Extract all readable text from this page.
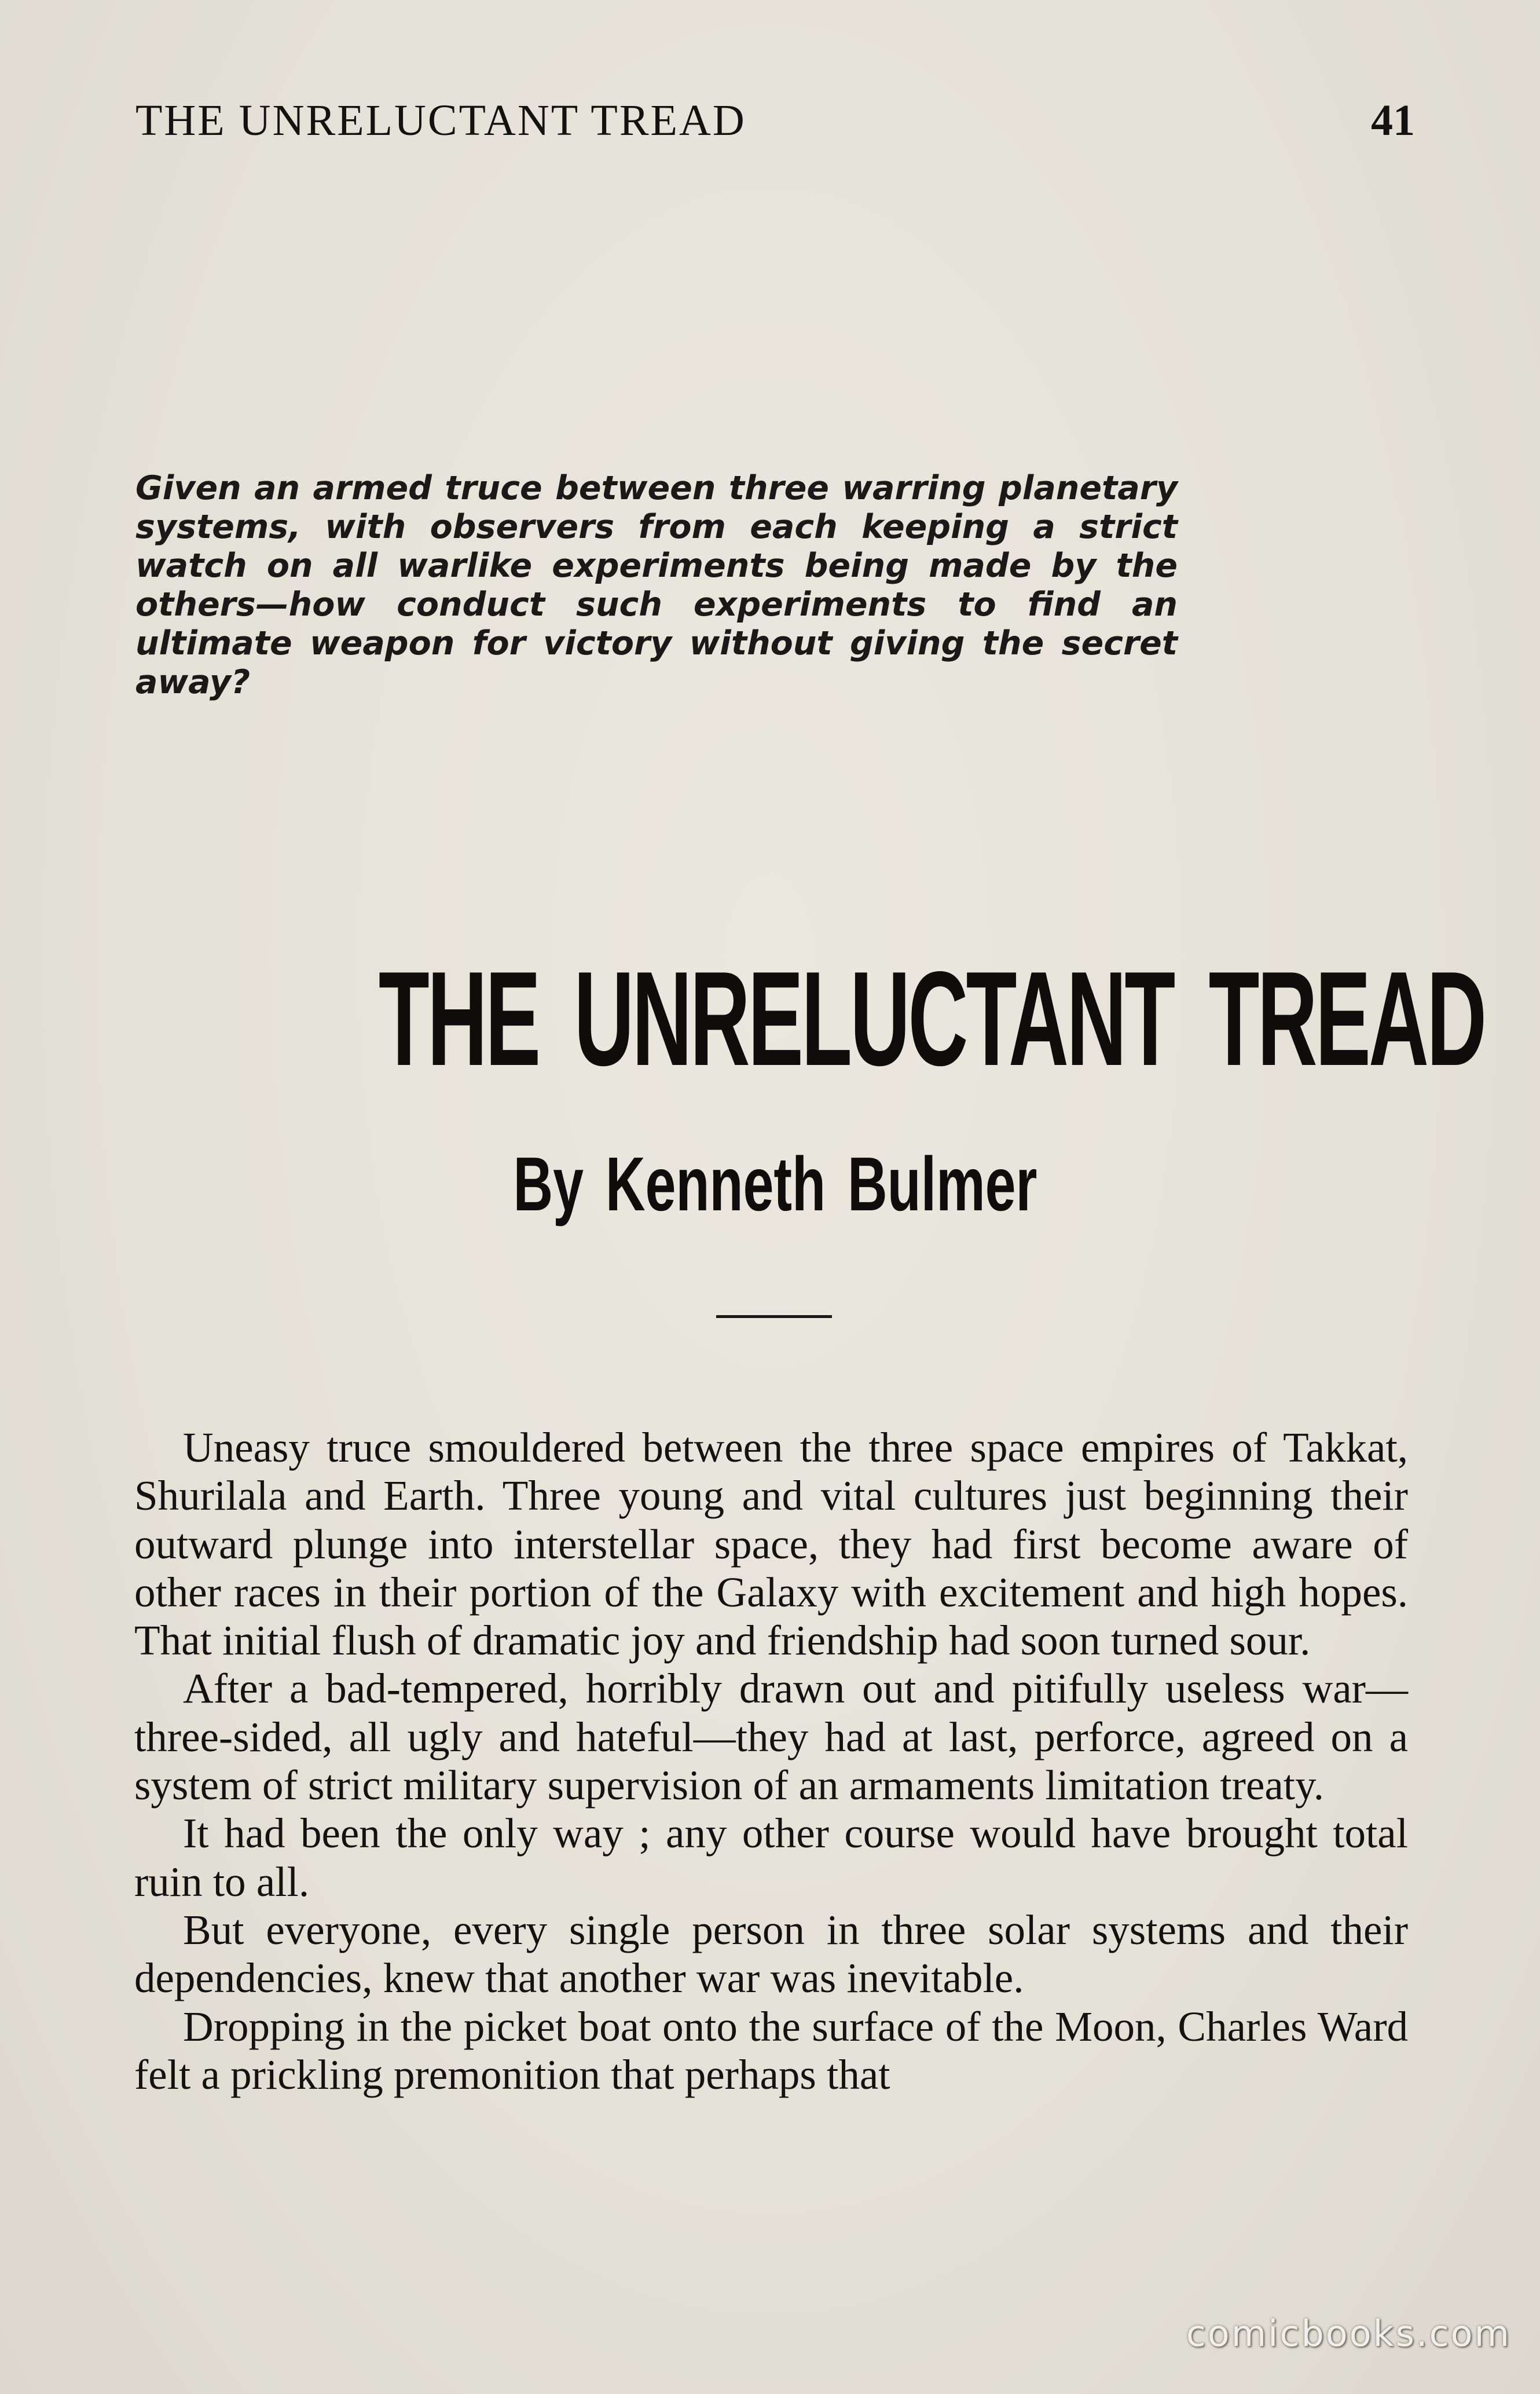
THE UNRELUCTANT TREAD	41
Given an armed truce between three warring planetary systems, with observers from each keeping a strict watch on all warlike experiments being made by the others—how conduct such experiments to find an ultimate weapon for victory without giving the secret away?
THE UNRELUCTANT TREAD
By Kenneth Bulmer

Uneasy truce smouldered between the three space empires of Takkat, Shurilala and Earth. Three young and vital cultures just beginning their outward plunge into interstellar space, they had first become aware of other races in their portion of the Galaxy with excitement and high hopes. That initial flush of dramatic joy and friendship had soon turned sour.

After a bad-tempered, horribly drawn out and pitifully useless war—three-sided, all ugly and hateful—they had at last, perforce, agreed on a system of strict military supervision of an armaments limitation treaty.

It had been the only way ; any other course would have brought total ruin to all.

But everyone, every single person in three solar systems and their dependencies, knew that another war was inevitable.

Dropping in the picket boat onto the surface of the Moon, Charles Ward felt a prickling premonition that perhaps that

comicbooks.com
